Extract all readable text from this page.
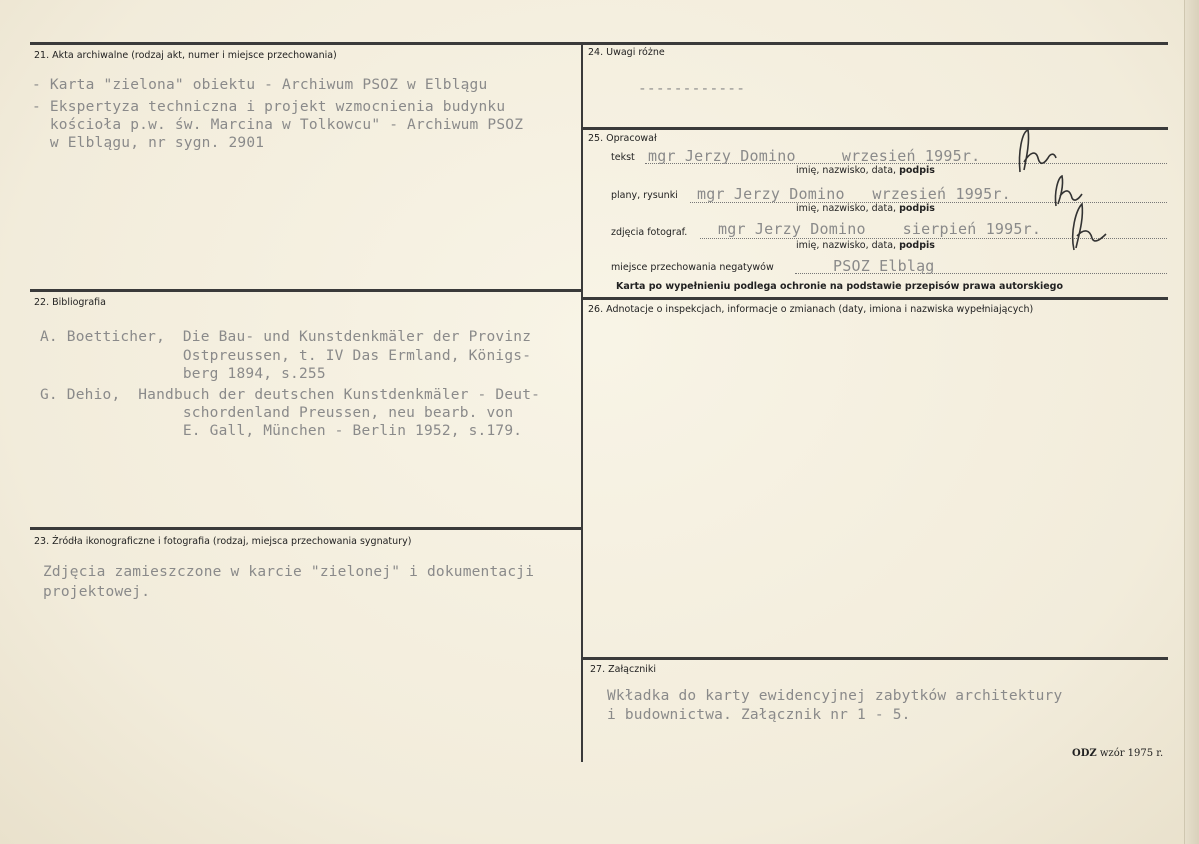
21. Akta archiwalne (rodzaj akt, numer i miejsce przechowania)
- Karta "zielona" obiektu - Archiwum PSOZ w Elblągu
- Ekspertyza techniczna i projekt wzmocnienia budynku
kościoła p.w. św. Marcina w Tolkowcu" - Archiwum PSOZ
w Elblągu, nr sygn. 2901
24. Uwagi różne
------------
25. Opracował
tekst mgr Jerzy Domino     wrzesień 1995r.
imię, nazwisko, data, podpis
plany, rysunki mgr Jerzy Domino   wrzesień 1995r.
imię, nazwisko, data, podpis
zdjęcia fotograf. mgr Jerzy Domino    sierpień 1995r.
imię, nazwisko, data, podpis
miejsce przechowania negatywów	PSOZ Elbląg
Karta po wypełnieniu podlega ochronie na podstawie przepisów prawa autorskiego
22. Bibliografia
A. Boetticher,  Die Bau- und Kunstdenkmäler der Provinz
Ostpreussen, t. IV Das Ermland, Königs-
berg 1894, s.255
G. Dehio,  Handbuch der deutschen Kunstdenkmäler - Deut-
schordenland Preussen, neu bearb. von
E. Gall, München - Berlin 1952, s.179.
26. Adnotacje o inspekcjach, informacje o zmianach (daty, imiona i nazwiska wypełniających)
23. Źródła ikonograficzne i fotografia (rodzaj, miejsca przechowania sygnatury)
Zdjęcia zamieszczone w karcie "zielonej" i dokumentacji
projektowej.
27. Załączniki
Wkładka do karty ewidencyjnej zabytków architektury
i budownictwa. Załącznik nr 1 - 5.
ODZ wzór 1975 r.
